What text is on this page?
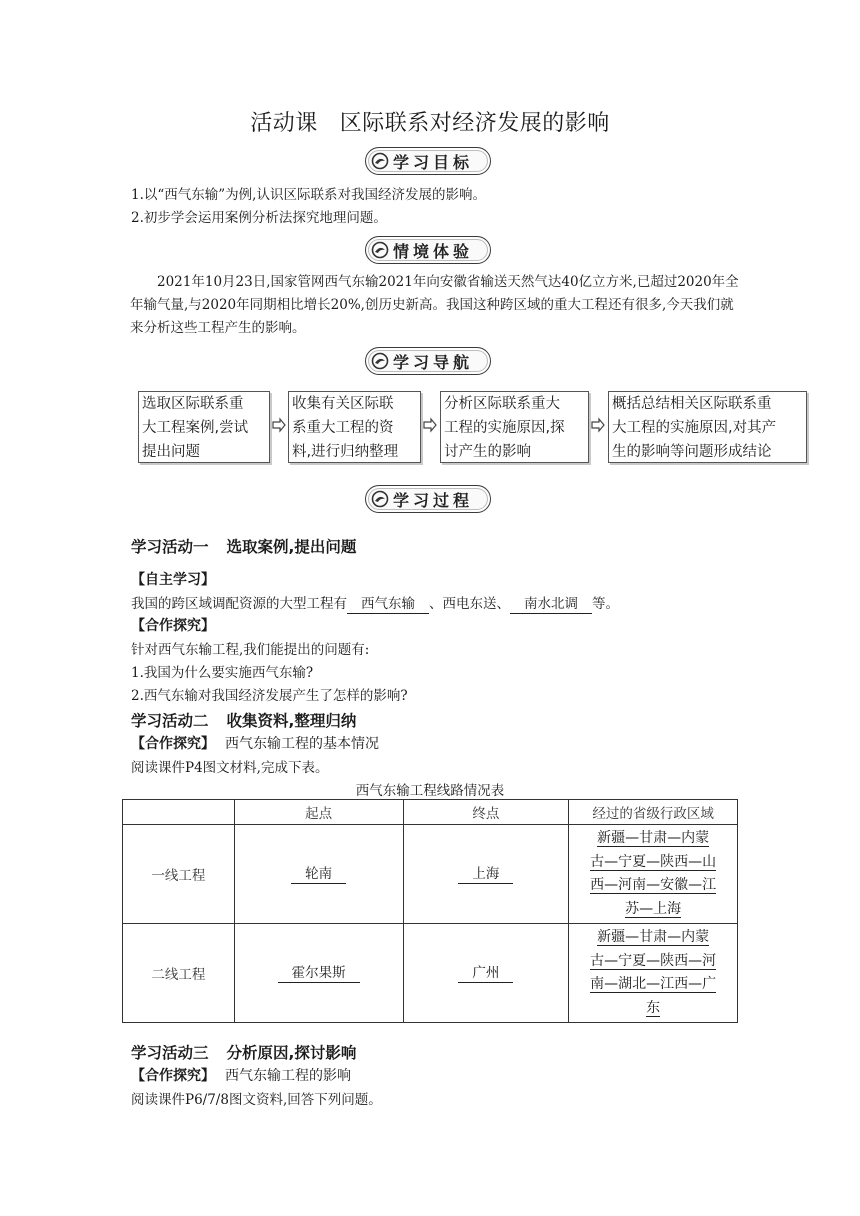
活动课 区际联系对经济发展的影响
学习目标
1.以“西气东输”为例,认识区际联系对我国经济发展的影响。
2.初步学会运用案例分析法探究地理问题。
情境体验
2021年10月23日,国家管网西气东输2021年向安徽省输送天然气达40亿立方米,已超过2020年全年输气量,与2020年同期相比增长20%,创历史新高。我国这种跨区域的重大工程还有很多,今天我们就来分析这些工程产生的影响。
学习导航
选取区际联系重
大工程案例,尝试
提出问题
收集有关区际联
系重大工程的资
料,进行归纳整理
分析区际联系重大
工程的实施原因,探
讨产生的影响
概括总结相关区际联系重
大工程的实施原因,对其产
生的影响等问题形成结论
学习过程
学习活动一 选取案例,提出问题
【自主学习】
我国的跨区域调配资源的大型工程有 西气东输 、西电东送、 南水北调 等。
【合作探究】
针对西气东输工程,我们能提出的问题有:
1.我国为什么要实施西气东输?
2.西气东输对我国经济发展产生了怎样的影响?
学习活动二 收集资料,整理归纳
【合作探究】 西气东输工程的基本情况
阅读课件P4图文材料,完成下表。
西气东输工程线路情况表
	起点	终点	经过的省级行政区域
一线工程	轮南	上海	新疆—甘肃—内蒙
古—宁夏—陕西—山
西—河南—安徽—江
苏—上海

二线工程	霍尔果斯	广州	新疆—甘肃—内蒙
古—宁夏—陕西—河
南—湖北—江西—广
东
学习活动三 分析原因,探讨影响
【合作探究】 西气东输工程的影响
阅读课件P6/7/8图文资料,回答下列问题。
